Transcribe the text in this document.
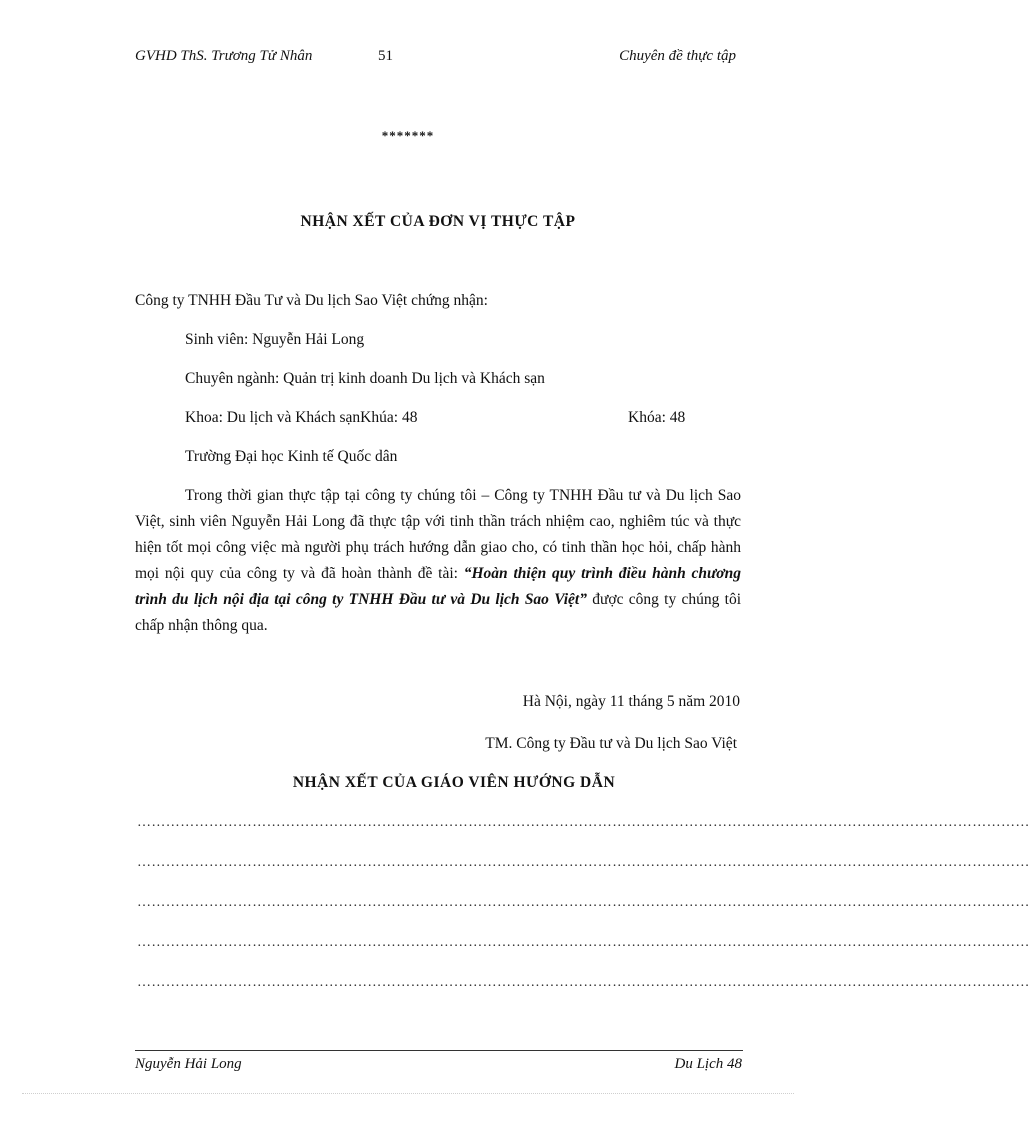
GVHD ThS. Trương Tử Nhân	51	Chuyên đề thực tập
*******
NHẬN XẾT CỦA ĐƠN VỊ THỰC TẬP
Công ty TNHH Đầu Tư và Du lịch Sao Việt chứng nhận:
Sinh viên: Nguyễn Hải Long
Chuyên ngành: Quản trị kinh doanh Du lịch và Khách sạn
Khoa: Du lịch và Khách sạnKhúa: 48	Khóa: 48
Trường Đại học Kinh tế Quốc dân

Trong thời gian thực tập tại công ty chúng tôi – Công ty TNHH Đầu tư và Du lịch Sao Việt, sinh viên Nguyễn Hải Long đã thực tập với tinh thần trách nhiệm cao, nghiêm túc và thực hiện tốt mọi công việc mà người phụ trách hướng dẫn giao cho, có tinh thần học hỏi, chấp hành mọi nội quy của công ty và đã hoàn thành đề tài: “Hoàn thiện quy trình điều hành chương trình du lịch nội địa tại công ty TNHH Đầu tư và Du lịch Sao Việt” được công ty chúng tôi chấp nhận thông qua.

Hà Nội, ngày 11 tháng 5 năm 2010
TM. Công ty Đầu tư và Du lịch Sao Việt
NHẬN XẾT CỦA GIÁO VIÊN HƯỚNG DẪN
……………………………………………………………………………………………………………………………………………………………………
……………………………………………………………………………………………………………………………………………………………………
……………………………………………………………………………………………………………………………………………………………………
……………………………………………………………………………………………………………………………………………………………………
……………………………………………………………………………………………………………………………………………………………………
Nguyễn Hải Long	Du Lịch 48
